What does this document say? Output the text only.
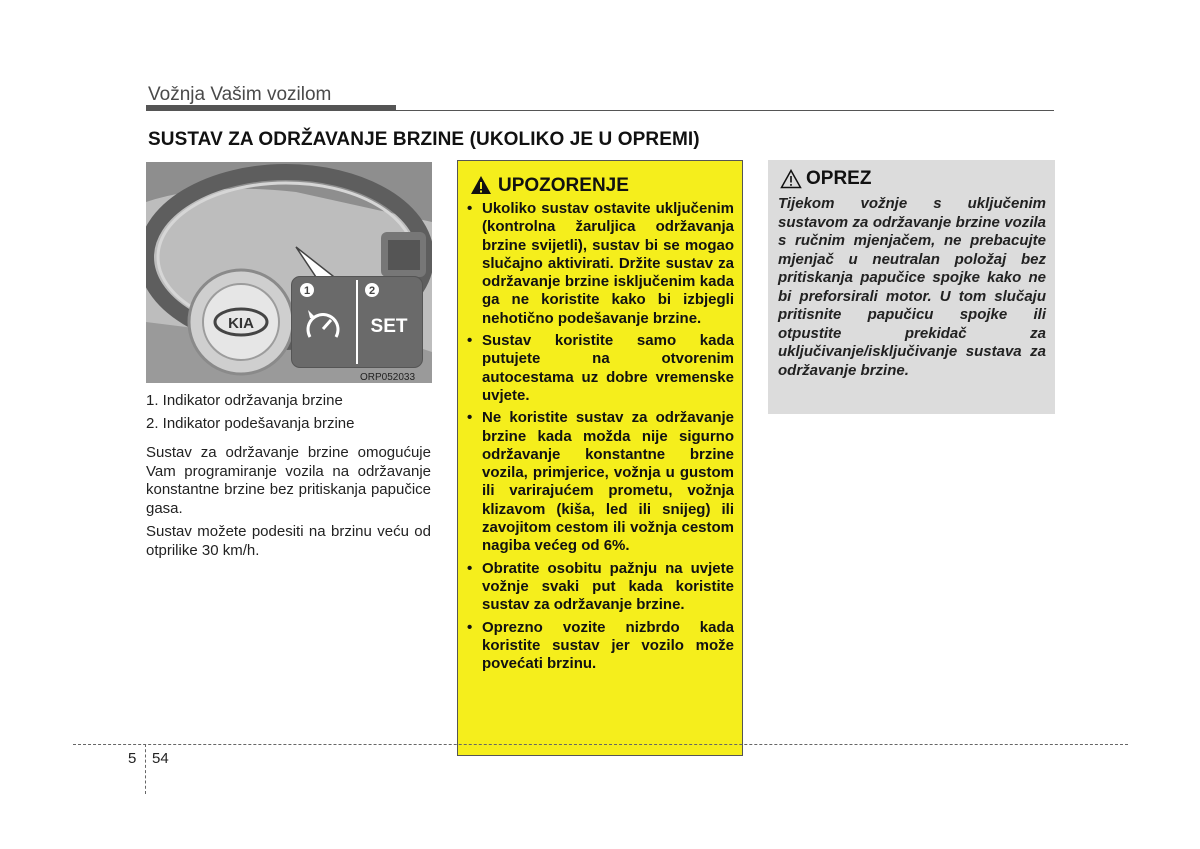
Vožnja Vašim vozilom
SUSTAV ZA ODRŽAVANJE BRZINE (UKOLIKO JE U OPREMI)
KIA
1	2
SET
ORP052033
1. Indikator održavanja brzine
2. Indikator podešavanja brzine
Sustav za održavanje brzine omogućuje Vam programiranje vozila na održavanje konstantne brzine bez pritiskanja papučice gasa.
Sustav možete podesiti na brzinu veću od otprilike 30 km/h.
UPOZORENJE
• Ukoliko sustav ostavite uključenim (kontrolna žaruljica održavanja brzine svijetli), sustav bi se mogao slučajno aktivirati. Držite sustav za održavanje brzine isključenim kada ga ne koristite kako bi izbjegli nehotično podešavanje brzine.
• Sustav koristite samo kada putujete na otvorenim autocestama uz dobre vremenske uvjete.
• Ne koristite sustav za održavanje brzine kada možda nije sigurno održavanje konstantne brzine vozila, primjerice, vožnja u gustom ili varirajućem prometu, vožnja klizavom (kiša, led ili snijeg) ili zavojitom cestom ili vožnja cestom nagiba većeg od 6%.
• Obratite osobitu pažnju na uvjete vožnje svaki put kada koristite sustav za održavanje brzine.
• Oprezno vozite nizbrdo kada koristite sustav jer vozilo može povećati brzinu.
OPREZ
Tijekom vožnje s uključenim sustavom za održavanje brzine vozila s ručnim mjenjačem, ne prebacujte mjenjač u neutralan položaj bez pritiskanja papučice spojke kako ne bi preforsirali motor. U tom slučaju pritisnite papučicu spojke ili otpustite prekidač za uključivanje/isključivanje sustava za održavanje brzine.
5 54
